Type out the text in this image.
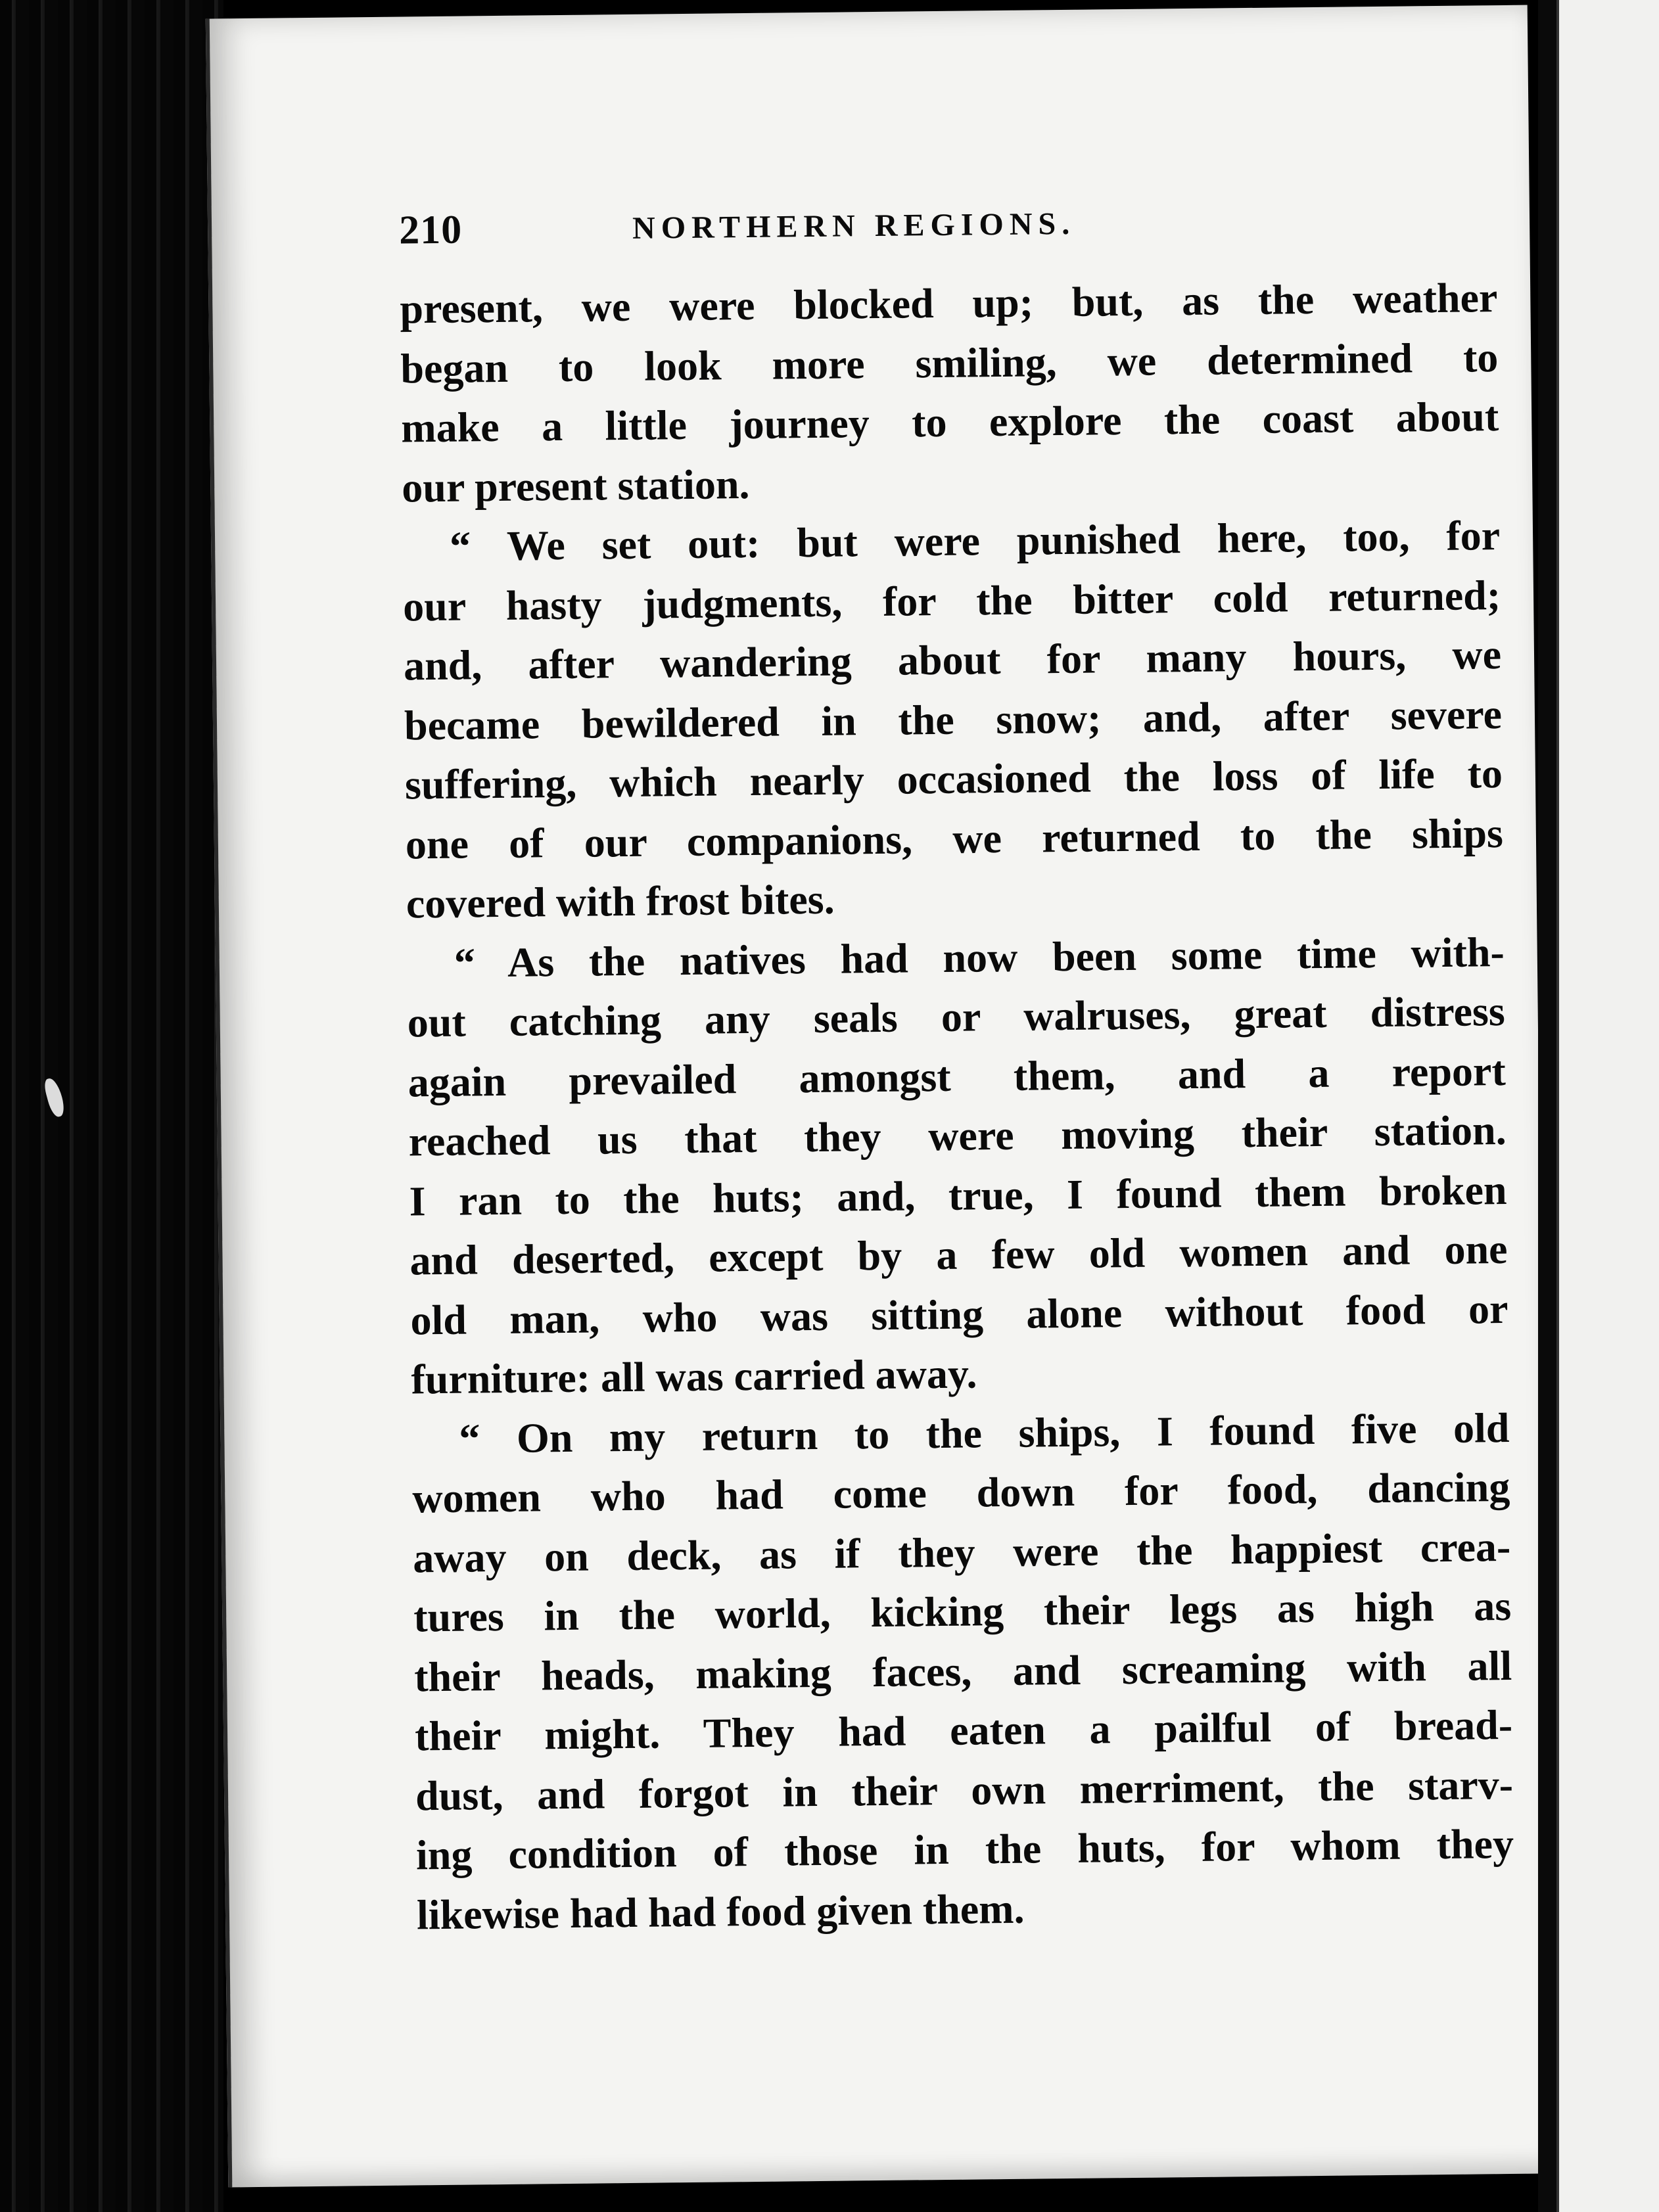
210	NORTHERN REGIONS.
present, we were blocked up; but, as the weather
began to look more smiling, we determined to
make a little journey to explore the coast about
our present station.
“ We set out: but were punished here, too, for
our hasty judgments, for the bitter cold returned;
and, after wandering about for many hours, we
became bewildered in the snow; and, after severe
suffering, which nearly occasioned the loss of life to
one of our companions, we returned to the ships
covered with frost bites.
“ As the natives had now been some time with-
out catching any seals or walruses, great distress
again prevailed amongst them, and a report
reached us that they were moving their station.
I ran to the huts; and, true, I found them broken
and deserted, except by a few old women and one
old man, who was sitting alone without food or
furniture: all was carried away.
“ On my return to the ships, I found five old
women who had come down for food, dancing
away on deck, as if they were the happiest crea-
tures in the world, kicking their legs as high as
their heads, making faces, and screaming with all
their might. They had eaten a pailful of bread-
dust, and forgot in their own merriment, the starv-
ing condition of those in the huts, for whom they
likewise had had food given them.
